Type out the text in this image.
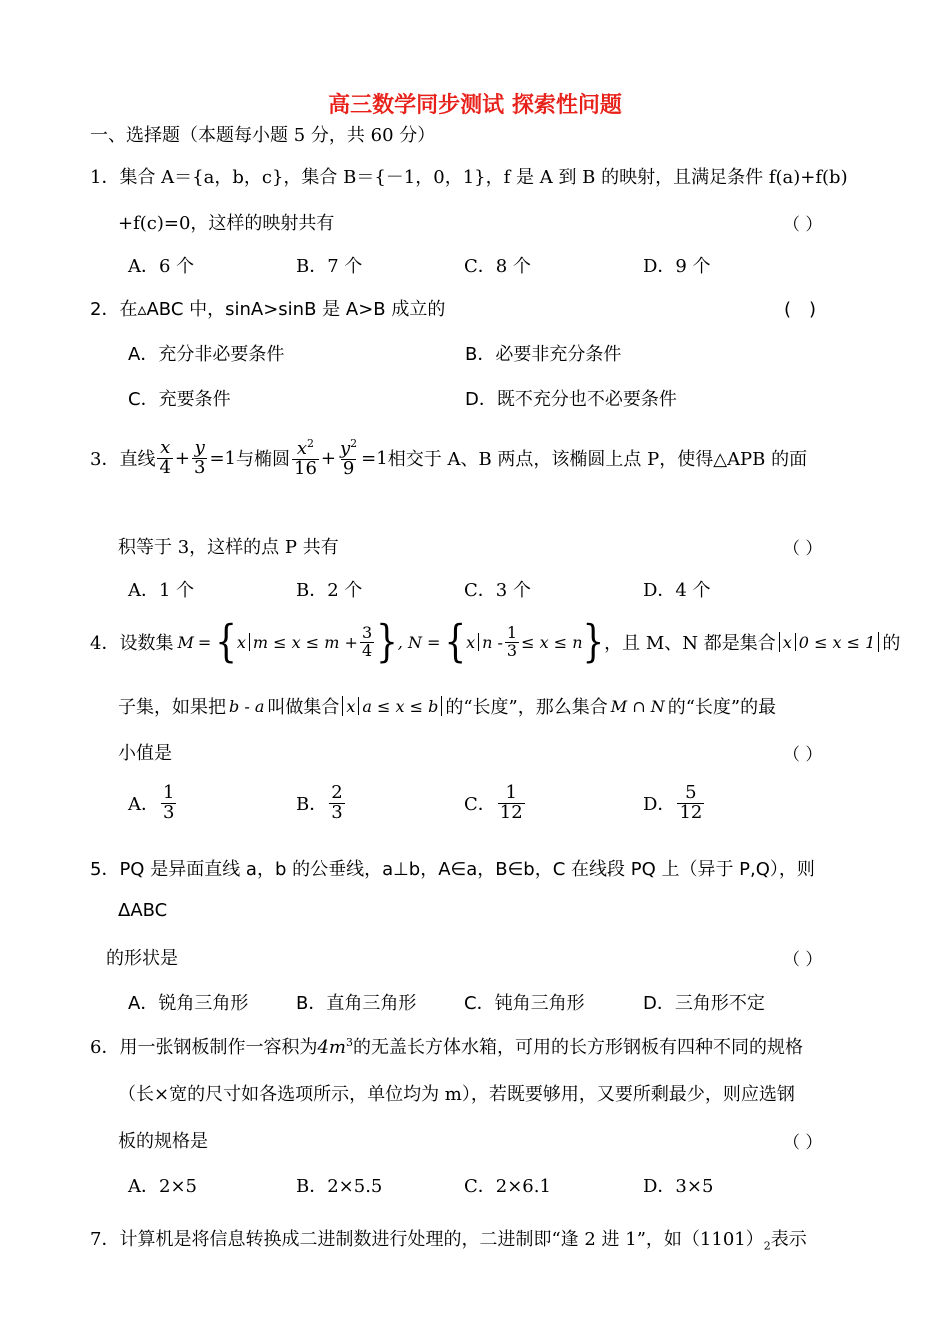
高三数学同步测试 探索性问题
一、选择题（本题每小题 5 分，共 60 分）
1．集合 A＝{a，b，c}，集合 B＝{－1，0，1}，f 是 A 到 B 的映射，且满足条件 f(a)+f(b)
+f(c)=0，这样的映射共有	（ ）
A．6 个	B．7 个	C．8 个	D．9 个
2．在▵ABC 中，sinA>sinB 是 A>B 成立的	(　)
A．充分非必要条件	B．必要非充分条件
C．充要条件	D．既不充分也不必要条件
3．直线 $\frac{x}{4} + \frac{y}{3} =1$ 与椭圆 $\frac{x^2}{16} + \frac{y^2}{9} =1$ 相交于 A、B 两点，该椭圆上点 P，使得△APB 的面
积等于 3，这样的点 P 共有	（ ）
A．1 个	B．2 个	C．3 个	D．4 个
4．设数集 M = { x $m \le x \le m + \frac{3}{4}$ } , N = { x $n - \frac{1}{3} \le x \le n$ } ，且 M、N 都是集合 x 0 ≤ x ≤ 1 的
子集，如果把 b - a 叫做集合 x a ≤ x ≤ b 的“长度”，那么集合 M ∩ N 的“长度”的最
小值是	（ ）
A． $\frac{1}{3}$	B． $\frac{2}{3}$	C． $\frac{1}{12}$	D． $\frac{5}{12}$
5．PQ 是异面直线 a，b 的公垂线，a⊥b，A∈a，B∈b，C 在线段 PQ 上（异于 P,Q），则
ΔABC
的形状是	（ ）
A．锐角三角形	B．直角三角形	C．钝角三角形	D．三角形不定
6．用一张钢板制作一容积为$4m^3$的无盖长方体水箱，可用的长方形钢板有四种不同的规格
（长×宽的尺寸如各选项所示，单位均为 m），若既要够用，又要所剩最少，则应选钢
板的规格是	（ ）
A．2×5	B．2×5.5	C．2×6.1	D．3×5
7．计算机是将信息转换成二进制数进行处理的，二进制即“逢 2 进 1”，如$(1101)_2$表示
